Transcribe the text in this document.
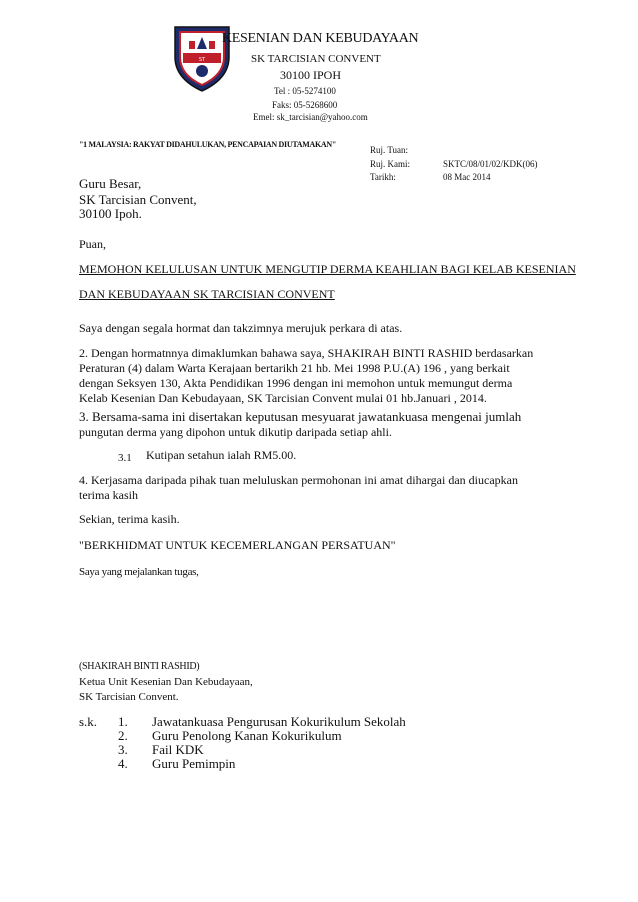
ST
KESENIAN DAN KEBUDAYAAN
SK TARCISIAN CONVENT
30100 IPOH
Tel : 05-5274100
Faks: 05-5268600
Emel: sk_tarcisian@yahoo.com
"1 MALAYSIA: RAKYAT DIDAHULUKAN, PENCAPAIAN DIUTAMAKAN"
Ruj. Tuan:
Ruj. Kami:	SKTC/08/01/02/KDK(06)
Tarikh:	08 Mac 2014
Guru Besar,
SK Tarcisian Convent,
30100 Ipoh.
Puan,
MEMOHON KELULUSAN UNTUK MENGUTIP DERMA KEAHLIAN BAGI KELAB KESENIAN
DAN KEBUDAYAAN SK TARCISIAN CONVENT
Saya dengan segala hormat dan takzimnya merujuk perkara di atas.
2. Dengan hormatnnya dimaklumkan bahawa saya, SHAKIRAH BINTI RASHID berdasarkan
Peraturan (4) dalam Warta Kerajaan bertarikh 21 hb. Mei 1998 P.U.(A) 196 , yang berkait
dengan Seksyen 130, Akta Pendidikan 1996 dengan ini memohon untuk memungut derma
Kelab Kesenian Dan Kebudayaan, SK Tarcisian Convent mulai 01 hb.Januari , 2014.
3. Bersama-sama ini disertakan keputusan mesyuarat jawatankuasa mengenai jumlah
pungutan derma yang dipohon untuk dikutip daripada setiap ahli.
3.1 Kutipan setahun ialah RM5.00.
4. Kerjasama daripada pihak tuan meluluskan permohonan ini amat dihargai dan diucapkan
terima kasih
Sekian, terima kasih.
"BERKHIDMAT UNTUK KECEMERLANGAN PERSATUAN"
Saya yang mejalankan tugas,
(SHAKIRAH BINTI RASHID)
Ketua Unit Kesenian Dan Kebudayaan,
SK Tarcisian Convent.
s.k. 1. Jawatankuasa Pengurusan Kokurikulum Sekolah
2. Guru Penolong Kanan Kokurikulum
3. Fail KDK
4. Guru Pemimpin
